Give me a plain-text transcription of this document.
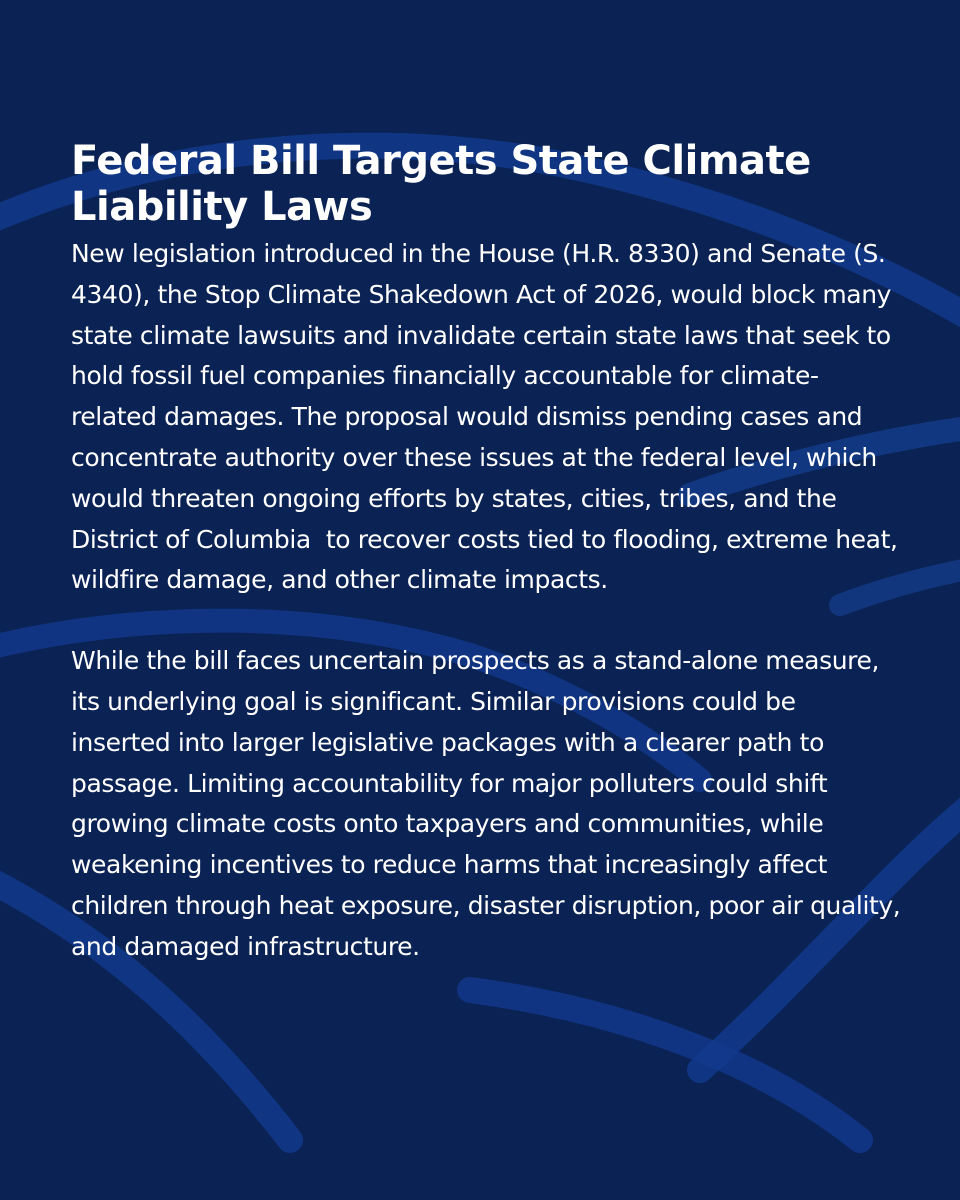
Federal Bill Targets State Climate Liability Laws

New legislation introduced in the House (H.R. 8330) and Senate (S. 4340), the Stop Climate Shakedown Act of 2026, would block many state climate lawsuits and invalidate certain state laws that seek to hold fossil fuel companies financially accountable for climate-related damages. The proposal would dismiss pending cases and concentrate authority over these issues at the federal level, which would threaten ongoing efforts by states, cities, tribes, and the District of Columbia  to recover costs tied to flooding, extreme heat, wildfire damage, and other climate impacts.

While the bill faces uncertain prospects as a stand-alone measure, its underlying goal is significant. Similar provisions could be inserted into larger legislative packages with a clearer path to passage. Limiting accountability for major polluters could shift growing climate costs onto taxpayers and communities, while weakening incentives to reduce harms that increasingly affect children through heat exposure, disaster disruption, poor air quality, and damaged infrastructure.
